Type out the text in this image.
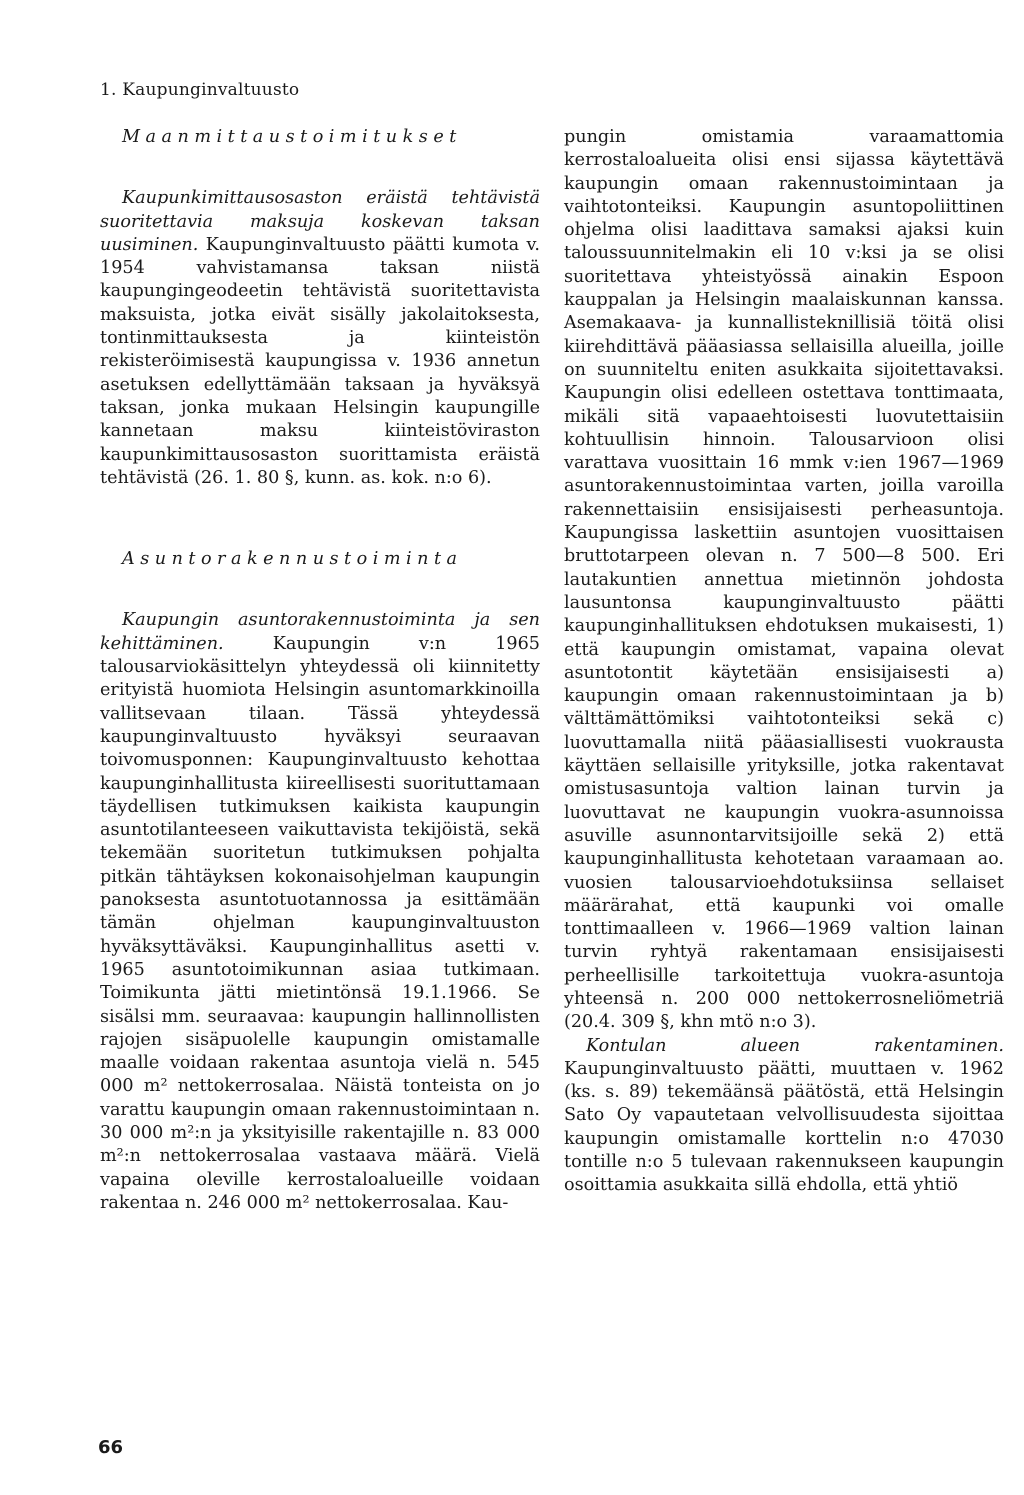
1. Kaupunginvaltuusto
Maanmittaustoimitukset

Kaupunkimittausosaston eräistä tehtävistä suoritettavia maksuja koskevan taksan uusiminen. Kaupunginvaltuusto päätti kumota v. 1954 vahvistamansa taksan niistä kaupungingeodeetin tehtävistä suoritettavista maksuista, jotka eivät sisälly jakolaitoksesta, tontinmittauksesta ja kiinteistön rekisteröimisestä kaupungissa v. 1936 annetun asetuksen edellyttämään taksaan ja hyväksyä taksan, jonka mukaan Helsingin kaupungille kannetaan maksu kiinteistöviraston kaupunkimittausosaston suorittamista eräistä tehtävistä (26. 1. 80 §, kunn. as. kok. n:o 6).

Asuntorakennustoiminta

Kaupungin asuntorakennustoiminta ja sen kehittäminen. Kaupungin v:n 1965 talousarviokäsittelyn yhteydessä oli kiinnitetty erityistä huomiota Helsingin asuntomarkkinoilla vallitsevaan tilaan. Tässä yhteydessä kaupunginvaltuusto hyväksyi seuraavan toivomusponnen: Kaupunginvaltuusto kehottaa kaupunginhallitusta kiireellisesti suorituttamaan täydellisen tutkimuksen kaikista kaupungin asuntotilanteeseen vaikuttavista tekijöistä, sekä tekemään suoritetun tutkimuksen pohjalta pitkän tähtäyksen kokonaisohjelman kaupungin panoksesta asuntotuotannossa ja esittämään tämän ohjelman kaupunginvaltuuston hyväksyttäväksi. Kaupunginhallitus asetti v. 1965 asuntotoimikunnan asiaa tutkimaan. Toimikunta jätti mietintönsä 19.1.1966. Se sisälsi mm. seuraavaa: kaupungin hallinnollisten rajojen sisäpuolelle kaupungin omistamalle maalle voidaan rakentaa asuntoja vielä n. 545 000 m² nettokerrosalaa. Näistä tonteista on jo varattu kaupungin omaan rakennustoimintaan n. 30 000 m²:n ja yksityisille rakentajille n. 83 000 m²:n nettokerrosalaa vastaava määrä. Vielä vapaina oleville kerrostaloalueille voidaan rakentaa n. 246 000 m² nettokerrosalaa. Kau-

pungin omistamia varaamattomia kerrostaloalueita olisi ensi sijassa käytettävä kaupungin omaan rakennustoimintaan ja vaihtotonteiksi. Kaupungin asuntopoliittinen ohjelma olisi laadittava samaksi ajaksi kuin taloussuunnitelmakin eli 10 v:ksi ja se olisi suoritettava yhteistyössä ainakin Espoon kauppalan ja Helsingin maalaiskunnan kanssa. Asemakaava- ja kunnallisteknillisiä töitä olisi kiirehdittävä pääasiassa sellaisilla alueilla, joille on suunniteltu eniten asukkaita sijoitettavaksi. Kaupungin olisi edelleen ostettava tonttimaata, mikäli sitä vapaaehtoisesti luovutettaisiin kohtuullisin hinnoin. Talousarvioon olisi varattava vuosittain 16 mmk v:ien 1967—1969 asuntorakennustoimintaa varten, joilla varoilla rakennettaisiin ensisijaisesti perheasuntoja. Kaupungissa laskettiin asuntojen vuosittaisen bruttotarpeen olevan n. 7 500—8 500. Eri lautakuntien annettua mietinnön johdosta lausuntonsa kaupunginvaltuusto päätti kaupunginhallituksen ehdotuksen mukaisesti, 1) että kaupungin omistamat, vapaina olevat asuntotontit käytetään ensisijaisesti a) kaupungin omaan rakennustoimintaan ja b) välttämättömiksi vaihtotonteiksi sekä c) luovuttamalla niitä pääasiallisesti vuokrausta käyttäen sellaisille yrityksille, jotka rakentavat omistusasuntoja valtion lainan turvin ja luovuttavat ne kaupungin vuokra-asunnoissa asuville asunnontarvitsijoille sekä 2) että kaupunginhallitusta kehotetaan varaamaan ao. vuosien talousarvioehdotuksiinsa sellaiset määrärahat, että kaupunki voi omalle tonttimaalleen v. 1966—1969 valtion lainan turvin ryhtyä rakentamaan ensisijaisesti perheellisille tarkoitettuja vuokra-asuntoja yhteensä n. 200 000 nettokerrosneliömetriä (20.4. 309 §, khn mtö n:o 3).

Kontulan alueen rakentaminen. Kaupunginvaltuusto päätti, muuttaen v. 1962 (ks. s. 89) tekemäänsä päätöstä, että Helsingin Sato Oy vapautetaan velvollisuudesta sijoittaa kaupungin omistamalle korttelin n:o 47030 tontille n:o 5 tulevaan rakennukseen kaupungin osoittamia asukkaita sillä ehdolla, että yhtiö

66
